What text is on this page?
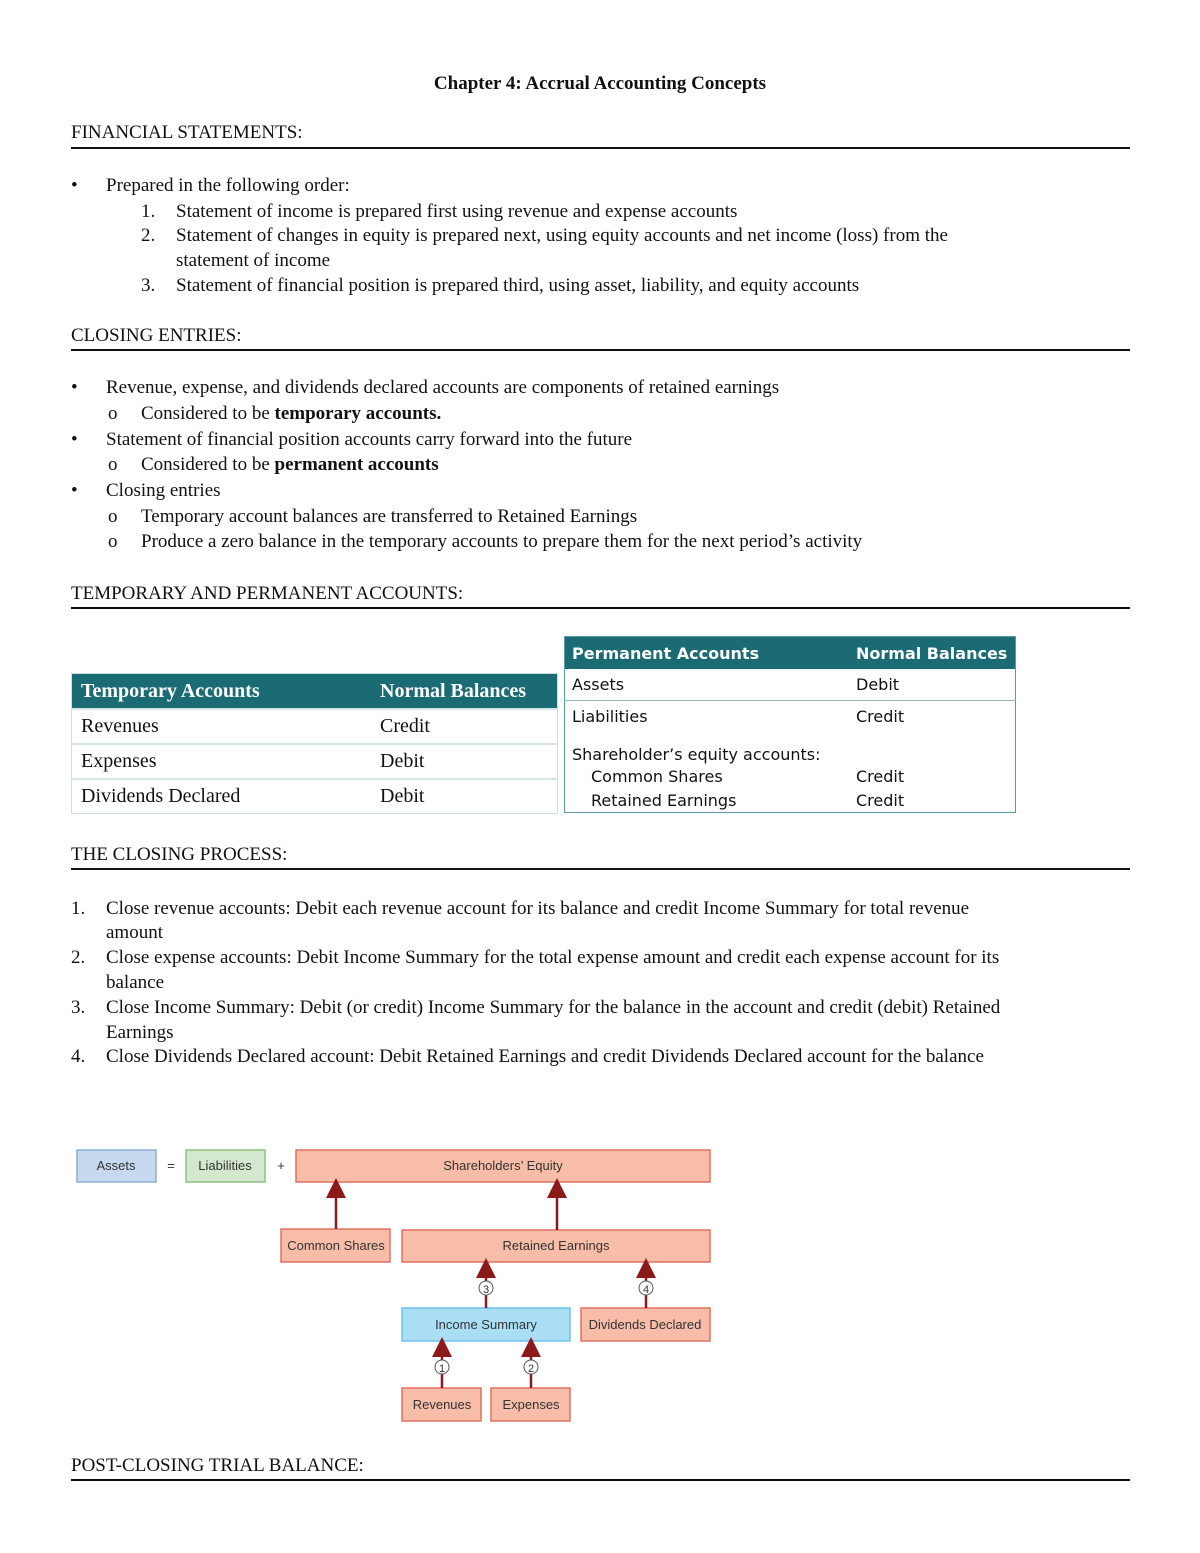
Chapter 4: Accrual Accounting Concepts
FINANCIAL STATEMENTS:
• Prepared in the following order:
1. Statement of income is prepared first using revenue and expense accounts
2. Statement of changes in equity is prepared next, using equity accounts and net income (loss) from the
statement of income
3. Statement of financial position is prepared third, using asset, liability, and equity accounts
CLOSING ENTRIES:
• Revenue, expense, and dividends declared accounts are components of retained earnings
o Considered to be temporary accounts.
• Statement of financial position accounts carry forward into the future
o Considered to be permanent accounts
• Closing entries
o Temporary account balances are transferred to Retained Earnings
o Produce a zero balance in the temporary accounts to prepare them for the next period’s activity
TEMPORARY AND PERMANENT ACCOUNTS:
Temporary Accounts	Normal Balances
Revenues	Credit
Expenses	Debit
Dividends Declared	Debit
Permanent Accounts	Normal Balances
Assets	Debit
Liabilities	Credit
Shareholder’s equity accounts:	
Common Shares	Credit
Retained Earnings	Credit
THE CLOSING PROCESS:
1. Close revenue accounts: Debit each revenue account for its balance and credit Income Summary for total revenue
amount
2. Close expense accounts: Debit Income Summary for the total expense amount and credit each expense account for its
balance
3. Close Income Summary: Debit (or credit) Income Summary for the balance in the account and credit (debit) Retained
Earnings
4. Close Dividends Declared account: Debit Retained Earnings and credit Dividends Declared account for the balance
Assets = Liabilities +	Shareholders’ Equity
Common Shares	Retained Earnings
Income Summary	Dividends Declared
Revenues Expenses
1	2
3	4
POST-CLOSING TRIAL BALANCE:
